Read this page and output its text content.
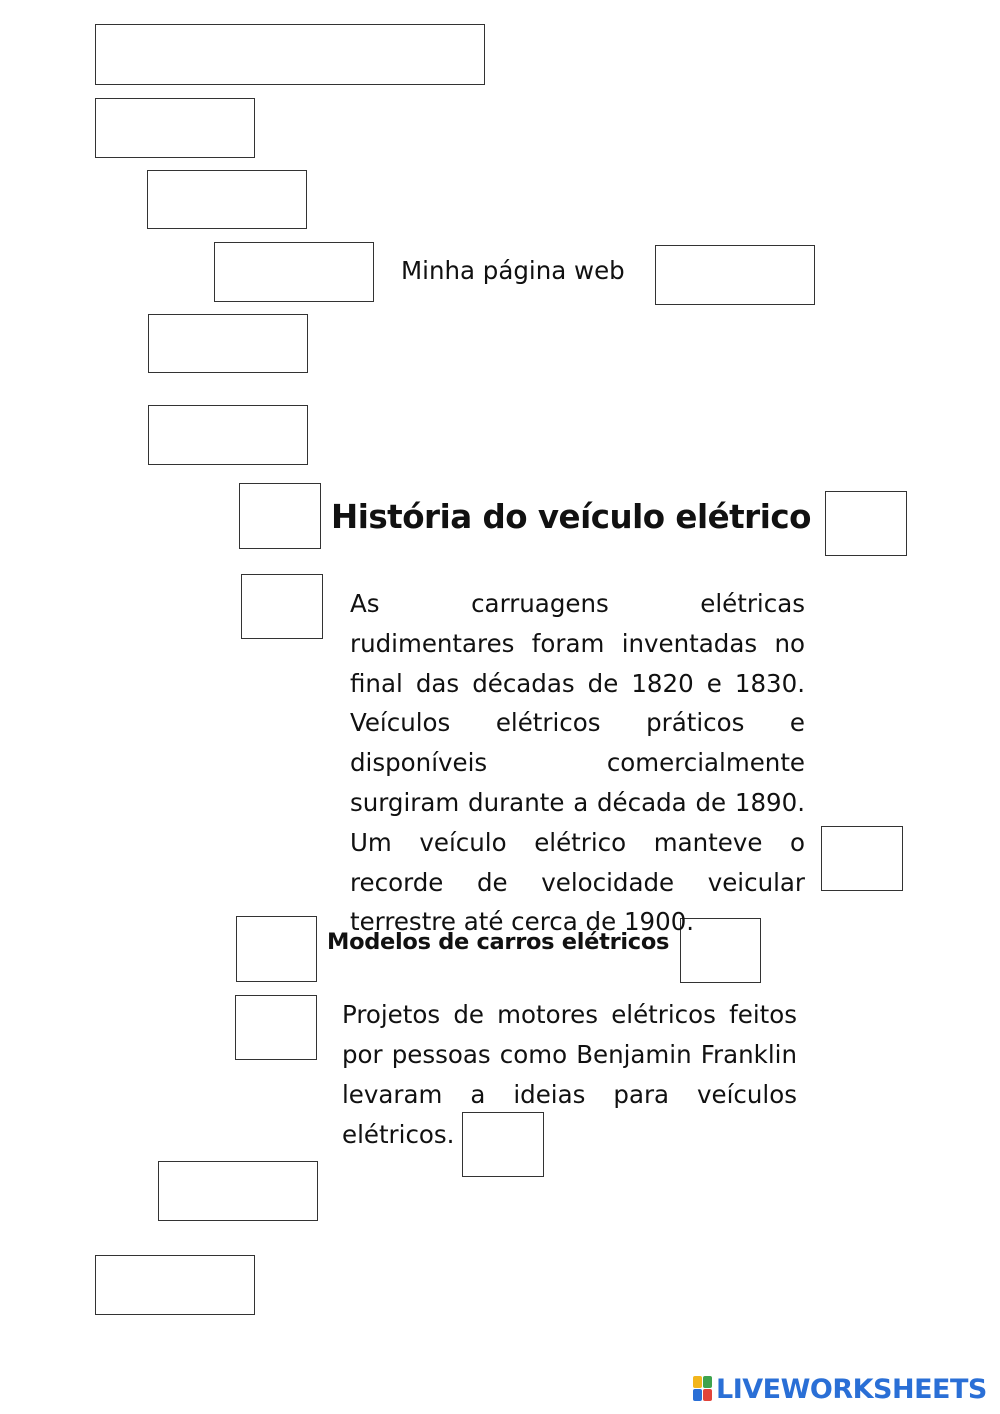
Minha página web
História do veículo elétrico
As carruagens elétricas rudimentares foram inventadas no final das décadas de 1820 e 1830. Veículos elétricos práticos e disponíveis comercialmente surgiram durante a década de 1890. Um veículo elétrico manteve o recorde de velocidade veicular terrestre até cerca de 1900.
Modelos de carros elétricos
Projetos de motores elétricos feitos por pessoas como Benjamin Franklin levaram a ideias para veículos elétricos.
LIVEWORKSHEETS
